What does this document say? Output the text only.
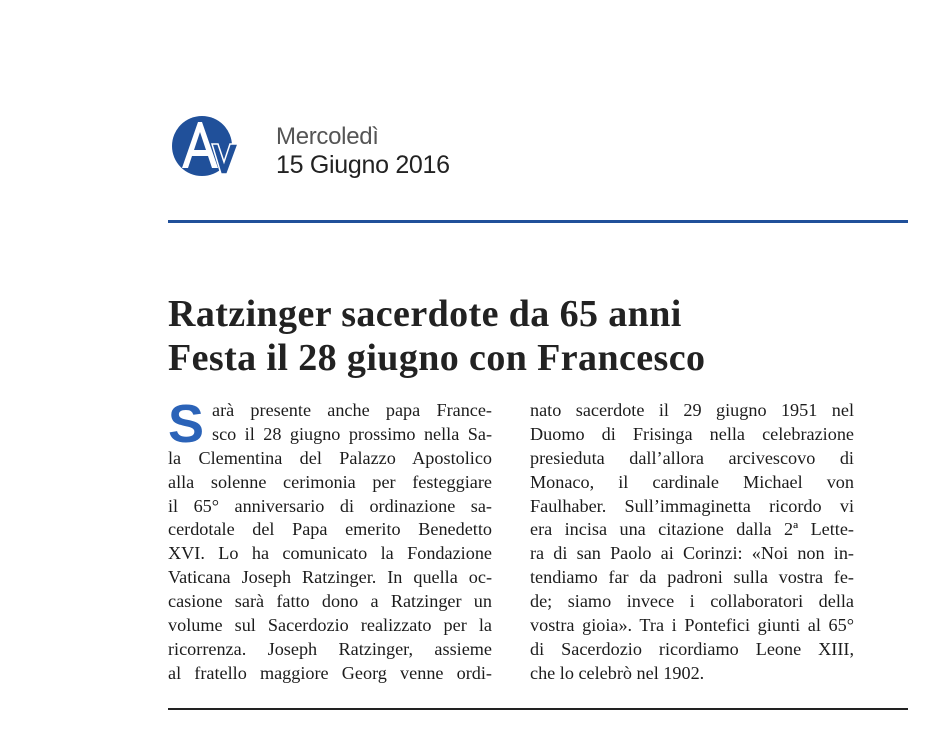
Mercoledì
15 Giugno 2016
Ratzinger sacerdote da 65 anni
Festa il 28 giugno con Francesco
S arà presente anche papa France-
sco il 28 giugno prossimo nella Sa-
la Clementina del Palazzo Apostolico
alla solenne cerimonia per festeggiare
il 65° anniversario di ordinazione sa-
cerdotale del Papa emerito Benedetto
XVI. Lo ha comunicato la Fondazione
Vaticana Joseph Ratzinger. In quella oc-
casione sarà fatto dono a Ratzinger un
volume sul Sacerdozio realizzato per la
ricorrenza. Joseph Ratzinger, assieme
al fratello maggiore Georg venne ordi-
nato sacerdote il 29 giugno 1951 nel
Duomo di Frisinga nella celebrazione
presieduta dall’allora arcivescovo di
Monaco, il cardinale Michael von
Faulhaber. Sull’immaginetta ricordo vi
era incisa una citazione dalla 2ª Lette-
ra di san Paolo ai Corinzi: «Noi non in-
tendiamo far da padroni sulla vostra fe-
de; siamo invece i collaboratori della
vostra gioia». Tra i Pontefici giunti al 65°
di Sacerdozio ricordiamo Leone XIII,
che lo celebrò nel 1902.
